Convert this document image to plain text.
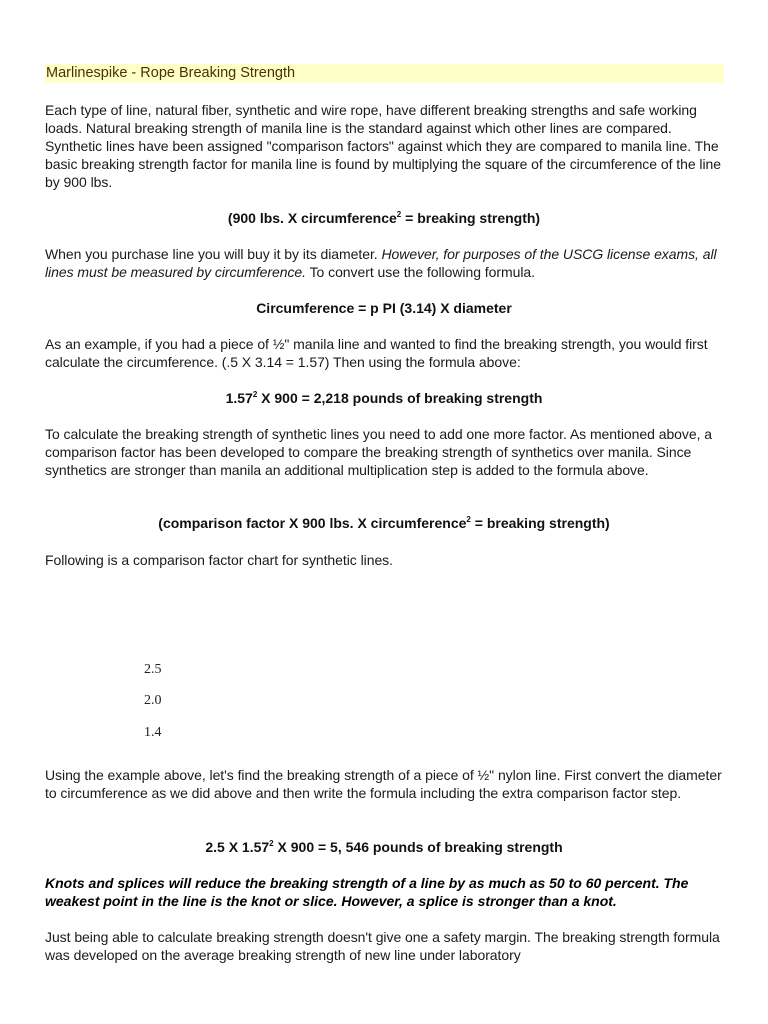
Marlinespike - Rope Breaking Strength

Each type of line, natural fiber, synthetic and wire rope, have different breaking strengths and safe working loads. Natural breaking strength of manila line is the standard against which other lines are compared. Synthetic lines have been assigned "comparison factors" against which they are compared to manila line. The basic breaking strength factor for manila line is found by multiplying the square of the circumference of the line by 900 lbs.

(900 lbs. X circumference$^2$ = breaking strength)

When you purchase line you will buy it by its diameter. However, for purposes of the USCG license exams, all lines must be measured by circumference. To convert use the following formula.

Circumference = p PI (3.14) X diameter

As an example, if you had a piece of ½" manila line and wanted to find the breaking strength, you would first calculate the circumference. (.5 X 3.14 = 1.57) Then using the formula above:

1.57$^2$ X 900 = 2,218 pounds of breaking strength

To calculate the breaking strength of synthetic lines you need to add one more factor. As mentioned above, a comparison factor has been developed to compare the breaking strength of synthetics over manila. Since synthetics are stronger than manila an additional multiplication step is added to the formula above.

(comparison factor X 900 lbs. X circumference$^2$ = breaking strength)

Following is a comparison factor chart for synthetic lines.

2.5

2.0

1.4

Using the example above, let's find the breaking strength of a piece of ½" nylon line. First convert the diameter to circumference as we did above and then write the formula including the extra comparison factor step.

2.5 X 1.57$^2$ X 900 = 5, 546 pounds of breaking strength

Knots and splices will reduce the breaking strength of a line by as much as 50 to 60 percent. The weakest point in the line is the knot or slice. However, a splice is stronger than a knot.

Just being able to calculate breaking strength doesn't give one a safety margin. The breaking strength formula was developed on the average breaking strength of new line under laboratory
